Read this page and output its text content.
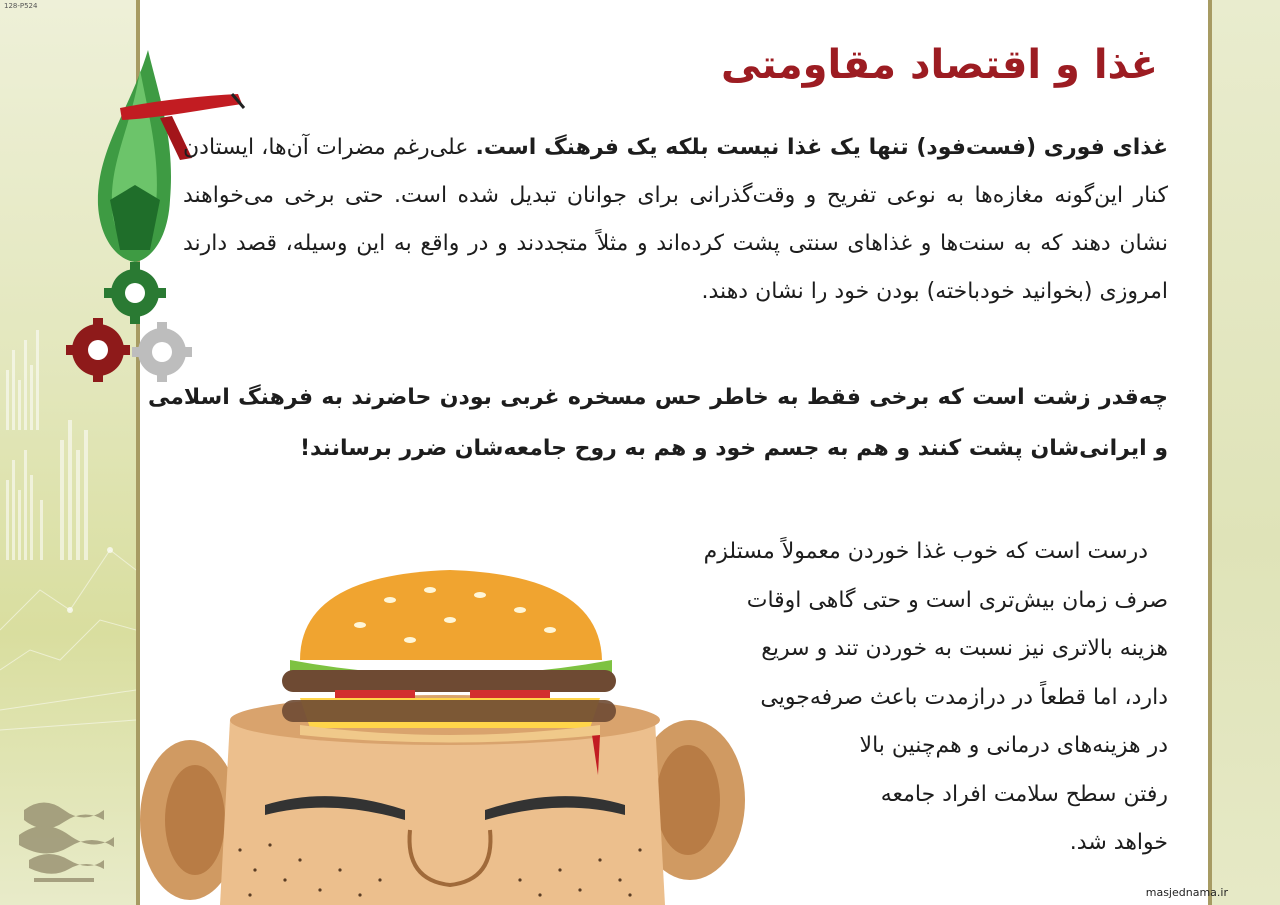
128-P524
غذا و اقتصاد مقاومتی

غذای فوری (فست‌فود) تنها یک غذا نیست بلکه یک فرهنگ است. علی‌رغم مضرات آن‌ها، ایستادن کنار این‌گونه مغازه‌ها به نوعی تفریح و وقت‌گذرانی برای جوانان تبدیل شده است. حتی برخی می‌خواهند نشان دهند که به سنت‌ها و غذاهای سنتی پشت کرده‌اند و مثلاً متجددند و در واقع به این وسیله، قصد دارند امروزی (بخوانید خودباخته) بودن خود را نشان دهند.

چه‌قدر زشت است که برخی فقط به خاطر حس مسخره غربی بودن حاضرند به فرهنگ اسلامی و ایرانی‌شان پشت کنند و هم به جسم خود و هم به روح جامعه‌شان ضرر برسانند!

درست است که خوب غذا خوردن معمولاً مستلزم
صرف زمان بیش‌تری است و حتی گاهی اوقات
هزینه بالاتری نیز نسبت به خوردن تند و سریع
دارد، اما قطعاً در درازمدت باعث صرفه‌جویی
در هزینه‌های درمانی و هم‌چنین بالا
رفتن سطح سلامت افراد جامعه
خواهد شد.
masjednama.ir
